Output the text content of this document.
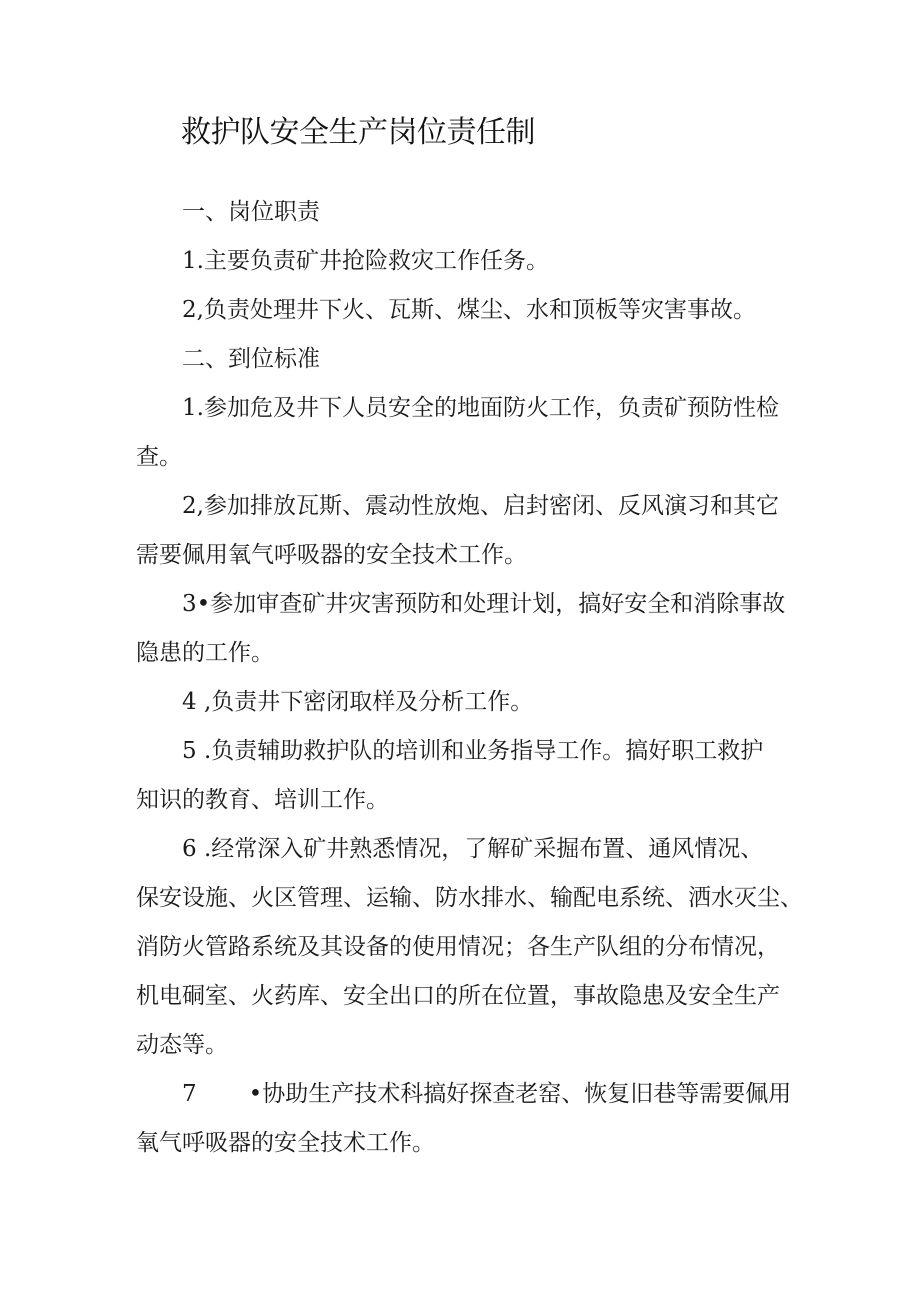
救护队安全生产岗位责任制

一、岗位职责

1.主要负责矿井抢险救灾工作任务。

2,负责处理井下火、瓦斯、煤尘、水和顶板等灾害事故。

二、到位标准

1.参加危及井下人员安全的地面防火工作，负责矿预防性检

查。

2,参加排放瓦斯、震动性放炮、启封密闭、反风演习和其它

需要佩用氧气呼吸器的安全技术工作。

3•参加审查矿井灾害预防和处理计划，搞好安全和消除事故

隐患的工作。

4 ,负责井下密闭取样及分析工作。

5 .负责辅助救护队的培训和业务指导工作。搞好职工救护

知识的教育、培训工作。

6 .经常深入矿井熟悉情况，了解矿采掘布置、通风情况、

保安设施、火区管理、运输、防水排水、输配电系统、洒水灭尘、

消防火管路系统及其设备的使用情况；各生产队组的分布情况，

机电硐室、火药库、安全出口的所在位置，事故隐患及安全生产

动态等。

7 •协助生产技术科搞好探查老窑、恢复旧巷等需要佩用

氧气呼吸器的安全技术工作。
